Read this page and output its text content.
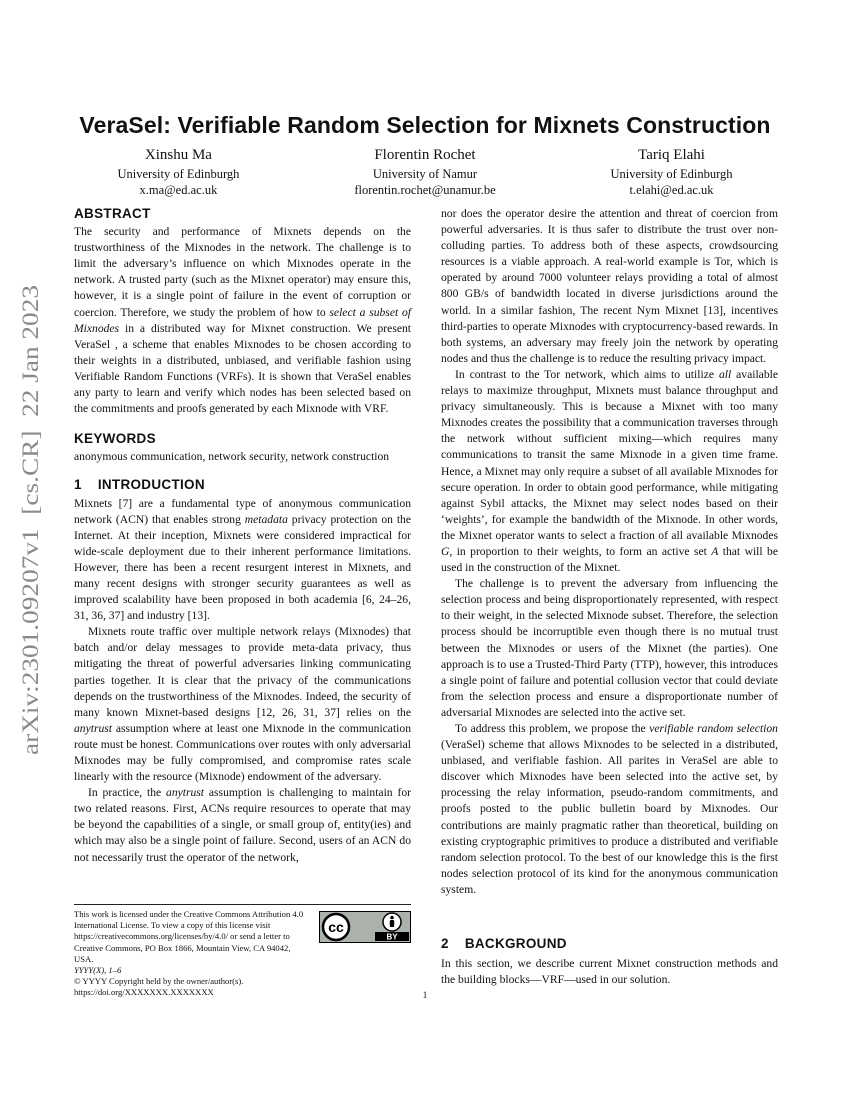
arXiv:2301.09207v1  [cs.CR]  22 Jan 2023
VeraSel: Verifiable Random Selection for Mixnets Construction
Xinshu Ma
University of Edinburgh
x.ma@ed.ac.uk
Florentin Rochet
University of Namur
florentin.rochet@unamur.be
Tariq Elahi
University of Edinburgh
t.elahi@ed.ac.uk
ABSTRACT

The security and performance of Mixnets depends on the trustworthiness of the Mixnodes in the network. The challenge is to limit the adversary’s influence on which Mixnodes operate in the network. A trusted party (such as the Mixnet operator) may ensure this, however, it is a single point of failure in the event of corruption or coercion. Therefore, we study the problem of how to select a subset of Mixnodes in a distributed way for Mixnet construction. We present VeraSel , a scheme that enables Mixnodes to be chosen according to their weights in a distributed, unbiased, and verifiable fashion using Verifiable Random Functions (VRFs). It is shown that VeraSel enables any party to learn and verify which nodes has been selected based on the commitments and proofs generated by each Mixnode with VRF.

KEYWORDS

anonymous communication, network security, network construction

1 INTRODUCTION

Mixnets [7] are a fundamental type of anonymous communication network (ACN) that enables strong metadata privacy protection on the Internet. At their inception, Mixnets were considered impractical for wide-scale deployment due to their inherent performance limitations. However, there has been a recent resurgent interest in Mixnets, and many recent designs with stronger security guarantees as well as improved scalability have been proposed in both academia [6, 24–26, 31, 36, 37] and industry [13].

Mixnets route traffic over multiple network relays (Mixnodes) that batch and/or delay messages to provide meta-data privacy, thus mitigating the threat of powerful adversaries linking communicating parties together. It is clear that the privacy of the communications depends on the trustworthiness of the Mixnodes. Indeed, the security of many known Mixnet-based designs [12, 26, 31, 37] relies on the anytrust assumption where at least one Mixnode in the communication route must be honest. Communications over routes with only adversarial Mixnodes may be fully compromised, and compromise rates scale linearly with the resource (Mixnode) endowment of the adversary.

In practice, the anytrust assumption is challenging to maintain for two related reasons. First, ACNs require resources to operate that may be beyond the capabilities of a single, or small group of, entity(ies) and which may also be a single point of failure. Second, users of an ACN do not necessarily trust the operator of the network,

This work is licensed under the Creative Commons Attribution 4.0 International License. To view a copy of this license visit https://creativecommons.org/licenses/by/4.0/ or send a letter to Creative Commons, PO Box 1866, Mountain View, CA 94042, USA.
YYYY(X), 1–6
© YYYY Copyright held by the owner/author(s).
https://doi.org/XXXXXXX.XXXXXXX
cc
BY

nor does the operator desire the attention and threat of coercion from powerful adversaries. It is thus safer to distribute the trust over non-colluding parties. To address both of these aspects, crowdsourcing resources is a viable approach. A real-world example is Tor, which is operated by around 7000 volunteer relays providing a total of almost 800 GB/s of bandwidth located in diverse jurisdictions around the world. In a similar fashion, The recent Nym Mixnet [13], incentives third-parties to operate Mixnodes with cryptocurrency-based rewards. In both systems, an adversary may freely join the network by operating nodes and thus the challenge is to reduce the resulting privacy impact.

In contrast to the Tor network, which aims to utilize all available relays to maximize throughput, Mixnets must balance throughput and privacy simultaneously. This is because a Mixnet with too many Mixnodes creates the possibility that a communication traverses through the network without sufficient mixing—which requires many communications to transit the same Mixnode in a given time frame. Hence, a Mixnet may only require a subset of all available Mixnodes for secure operation. In order to obtain good performance, while mitigating against Sybil attacks, the Mixnet may select nodes based on their ‘weights’, for example the bandwidth of the Mixnode. In other words, the Mixnet operator wants to select a fraction of all available Mixnodes G, in proportion to their weights, to form an active set A that will be used in the construction of the Mixnet.

The challenge is to prevent the adversary from influencing the selection process and being disproportionately represented, with respect to their weight, in the selected Mixnode subset. Therefore, the selection process should be incorruptible even though there is no mutual trust between the Mixnodes or users of the Mixnet (the parties). One approach is to use a Trusted-Third Party (TTP), however, this introduces a single point of failure and potential collusion vector that could deviate from the selection process and ensure a disproportionate number of adversarial Mixnodes are selected into the active set.

To address this problem, we propose the verifiable random selection (VeraSel) scheme that allows Mixnodes to be selected in a distributed, unbiased, and verifiable fashion. All parites in VeraSel are able to discover which Mixnodes have been selected into the active set, by processing the relay information, pseudo-random commitments, and proofs posted to the public bulletin board by Mixnodes. Our contributions are mainly pragmatic rather than theoretical, building on existing cryptographic primitives to produce a distributed and verifiable random selection protocol. To the best of our knowledge this is the first nodes selection protocol of its kind for the anonymous communication system.

2 BACKGROUND

In this section, we describe current Mixnet construction methods and the building blocks—VRF—used in our solution.

1
